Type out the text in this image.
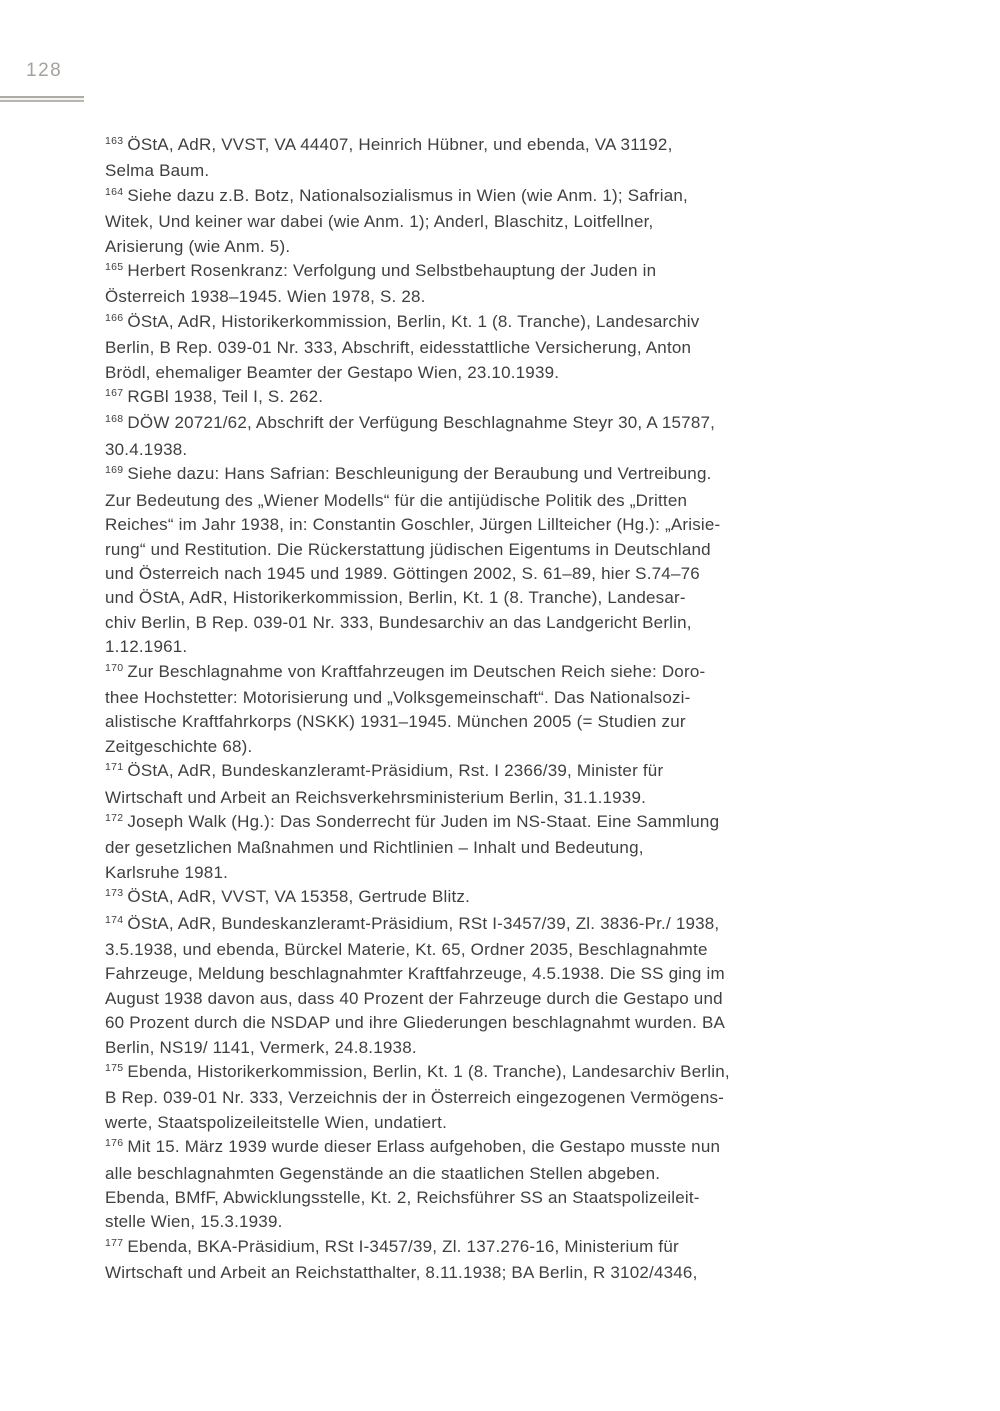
128
163 ÖStA, AdR, VVST, VA 44407, Heinrich Hübner, und ebenda, VA 31192,
Selma Baum.
164 Siehe dazu z.B. Botz, Nationalsozialismus in Wien (wie Anm. 1); Safrian,
Witek, Und keiner war dabei (wie Anm. 1); Anderl, Blaschitz, Loitfellner,
Arisierung (wie Anm. 5).
165 Herbert Rosenkranz: Verfolgung und Selbstbehauptung der Juden in
Österreich 1938–1945. Wien 1978, S. 28.
166 ÖStA, AdR, Historikerkommission, Berlin, Kt. 1 (8. Tranche), Landesarchiv
Berlin, B Rep. 039-01 Nr. 333, Abschrift, eidesstattliche Versicherung, Anton
Brödl, ehemaliger Beamter der Gestapo Wien, 23.10.1939.
167 RGBl 1938, Teil I, S. 262.
168 DÖW 20721/62, Abschrift der Verfügung Beschlagnahme Steyr 30, A 15787,
30.4.1938.
169 Siehe dazu: Hans Safrian: Beschleunigung der Beraubung und Vertreibung.
Zur Bedeutung des „Wiener Modells“ für die antijüdische Politik des „Dritten
Reiches“ im Jahr 1938, in: Constantin Goschler, Jürgen Lillteicher (Hg.): „Arisie-
rung“ und Restitution. Die Rückerstattung jüdischen Eigentums in Deutschland
und Österreich nach 1945 und 1989. Göttingen 2002, S. 61–89, hier S.74–76
und ÖStA, AdR, Historikerkommission, Berlin, Kt. 1 (8. Tranche), Landesar-
chiv Berlin, B Rep. 039-01 Nr. 333, Bundesarchiv an das Landgericht Berlin,
1.12.1961.
170 Zur Beschlagnahme von Kraftfahrzeugen im Deutschen Reich siehe: Doro-
thee Hochstetter: Motorisierung und „Volksgemeinschaft“. Das Nationalsozi-
alistische Kraftfahrkorps (NSKK) 1931–1945. München 2005 (= Studien zur
Zeitgeschichte 68).
171 ÖStA, AdR, Bundeskanzleramt-Präsidium, Rst. I 2366/39, Minister für
Wirtschaft und Arbeit an Reichsverkehrsministerium Berlin, 31.1.1939.
172 Joseph Walk (Hg.): Das Sonderrecht für Juden im NS-Staat. Eine Sammlung
der gesetzlichen Maßnahmen und Richtlinien – Inhalt und Bedeutung,
Karlsruhe 1981.
173 ÖStA, AdR, VVST, VA 15358, Gertrude Blitz.
174 ÖStA, AdR, Bundeskanzleramt-Präsidium, RSt I-3457/39, Zl. 3836-Pr./ 1938,
3.5.1938, und ebenda, Bürckel Materie, Kt. 65, Ordner 2035, Beschlagnahmte
Fahrzeuge, Meldung beschlagnahmter Kraftfahrzeuge, 4.5.1938. Die SS ging im
August 1938 davon aus, dass 40 Prozent der Fahrzeuge durch die Gestapo und
60 Prozent durch die NSDAP und ihre Gliederungen beschlagnahmt wurden. BA
Berlin, NS19/ 1141, Vermerk, 24.8.1938.
175 Ebenda, Historikerkommission, Berlin, Kt. 1 (8. Tranche), Landesarchiv Berlin,
B Rep. 039-01 Nr. 333, Verzeichnis der in Österreich eingezogenen Vermögens-
werte, Staatspolizeileitstelle Wien, undatiert.
176 Mit 15. März 1939 wurde dieser Erlass aufgehoben, die Gestapo musste nun
alle beschlagnahmten Gegenstände an die staatlichen Stellen abgeben.
Ebenda, BMfF, Abwicklungsstelle, Kt. 2, Reichsführer SS an Staatspolizeileit-
stelle Wien, 15.3.1939.
177 Ebenda, BKA-Präsidium, RSt I-3457/39, Zl. 137.276-16, Ministerium für
Wirtschaft und Arbeit an Reichstatthalter, 8.11.1938; BA Berlin, R 3102/4346,
